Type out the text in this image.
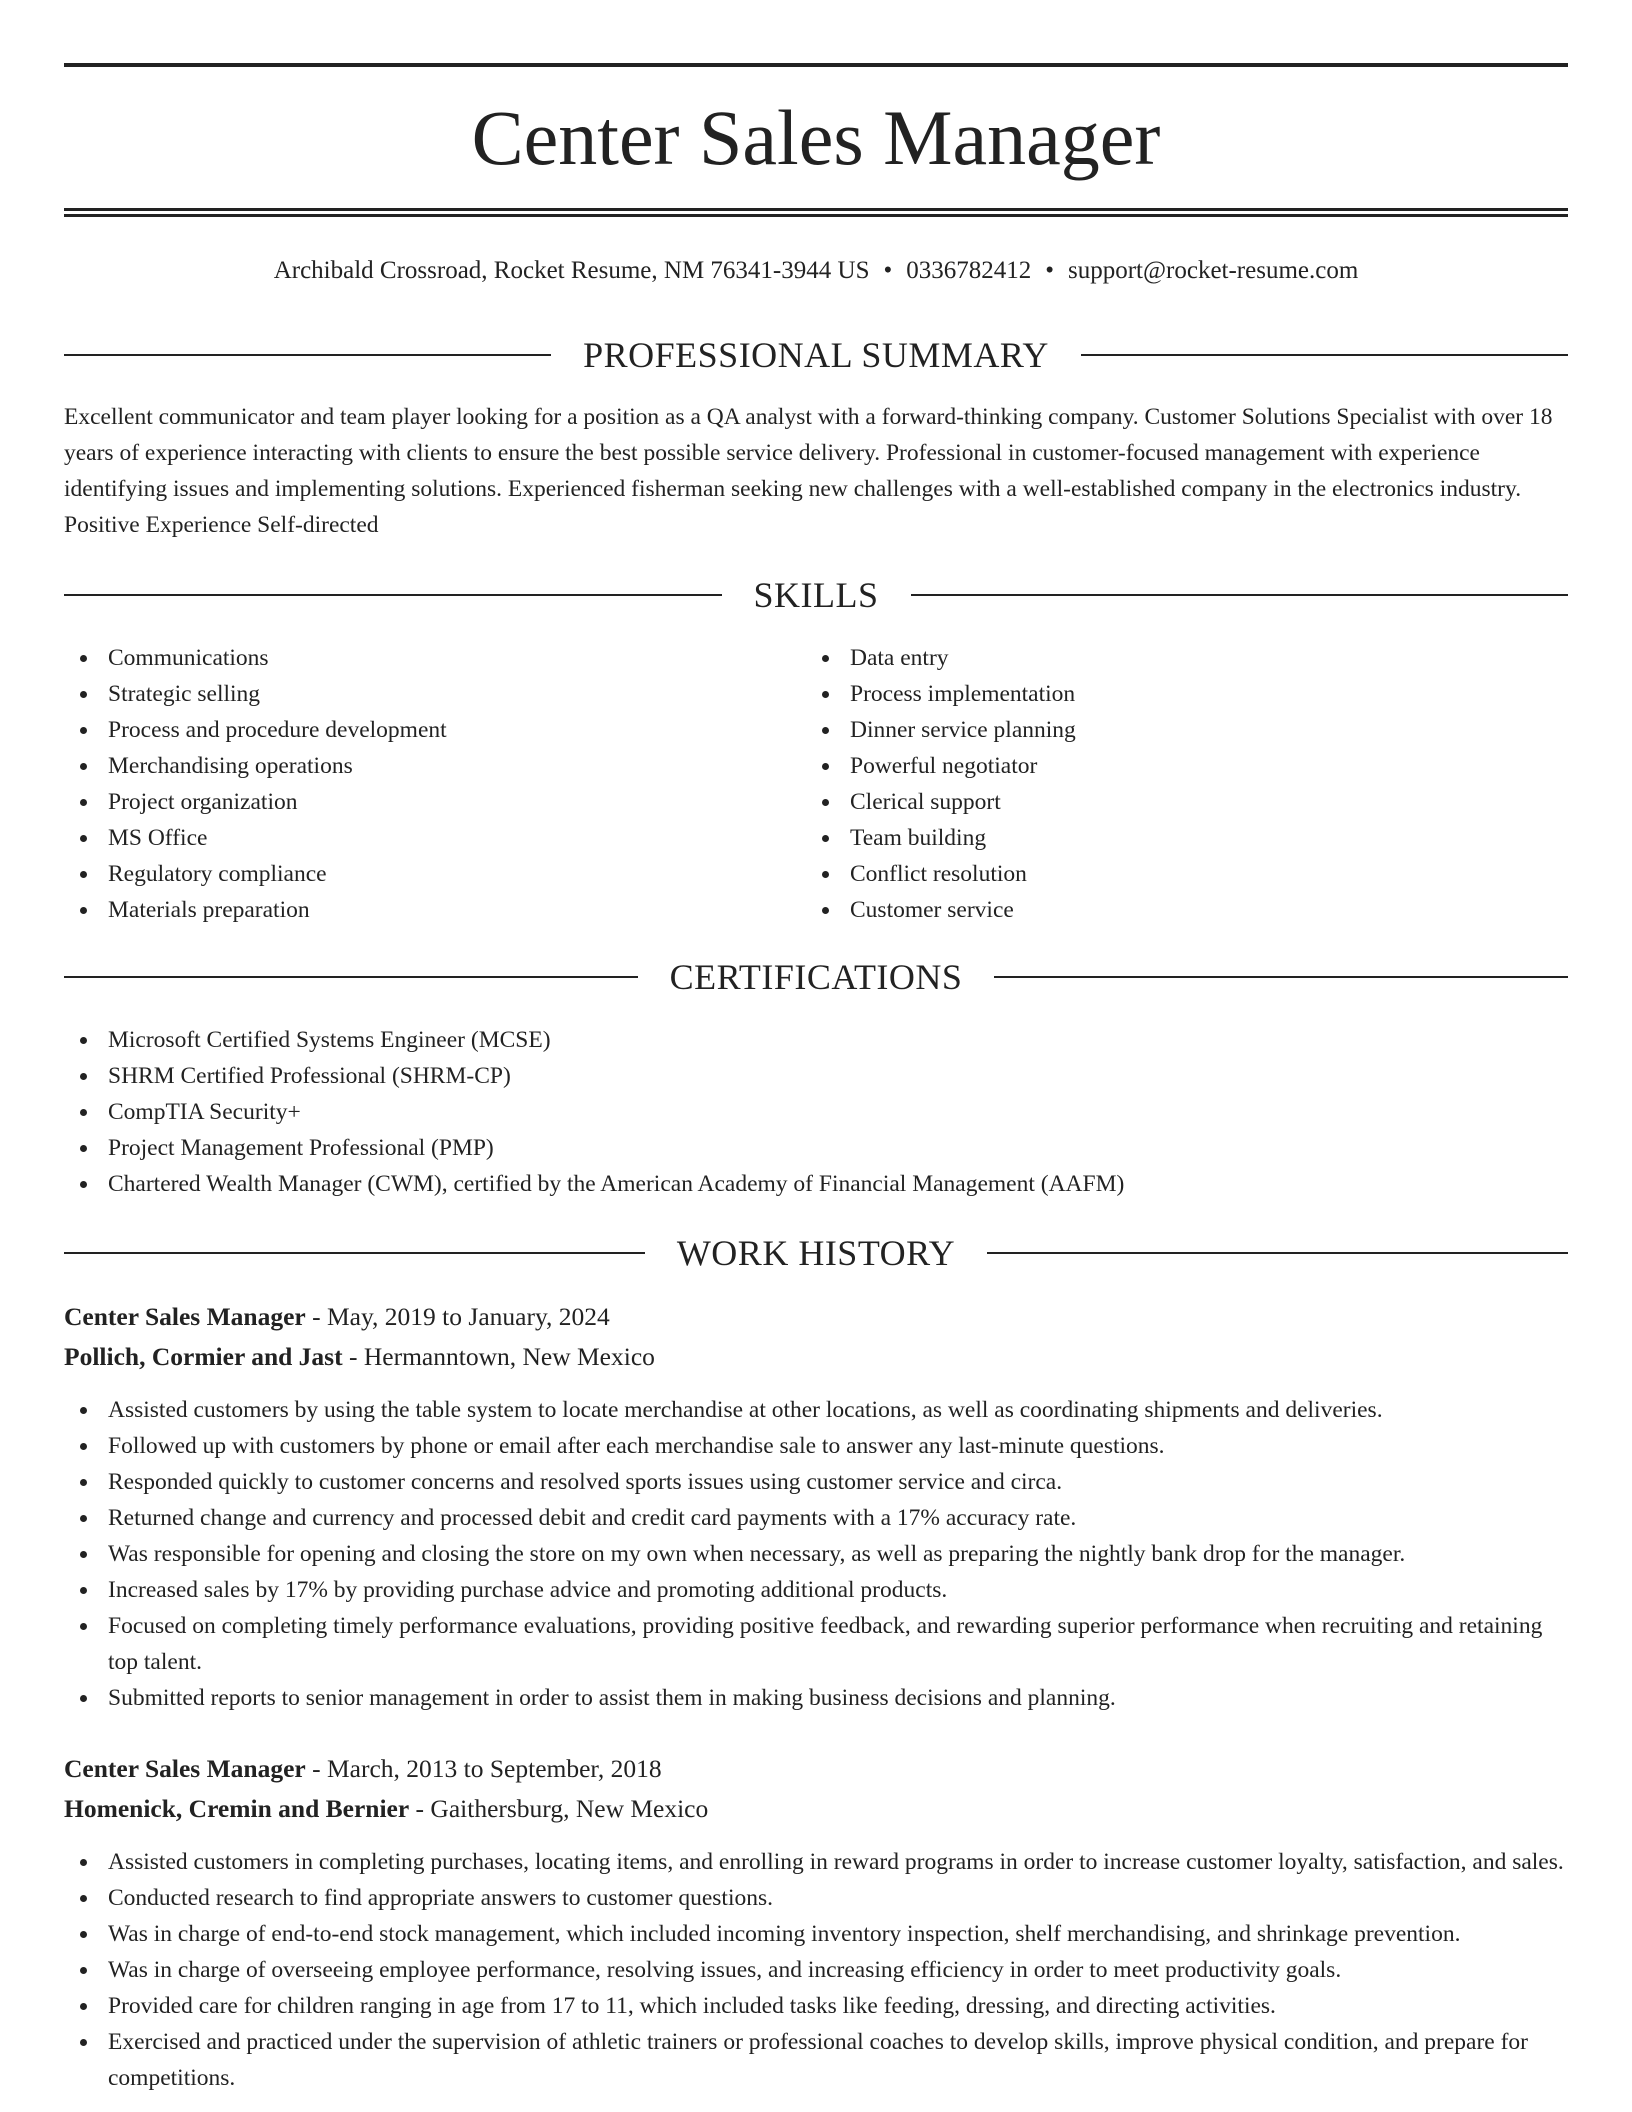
Center Sales Manager
Archibald Crossroad, Rocket Resume, NM 76341-3944 US • 0336782412 • support@rocket-resume.com
PROFESSIONAL SUMMARY

Excellent communicator and team player looking for a position as a QA analyst with a forward-thinking company. Customer Solutions Specialist with over 18 years of experience interacting with clients to ensure the best possible service delivery. Professional in customer-focused management with experience identifying issues and implementing solutions. Experienced fisherman seeking new challenges with a well-established company in the electronics industry. Positive Experience Self-directed

SKILLS
Communications
Strategic selling
Process and procedure development
Merchandising operations
Project organization
MS Office
Regulatory compliance
Materials preparation
Data entry
Process implementation
Dinner service planning
Powerful negotiator
Clerical support
Team building
Conflict resolution
Customer service
CERTIFICATIONS
Microsoft Certified Systems Engineer (MCSE)
SHRM Certified Professional (SHRM-CP)
CompTIA Security+
Project Management Professional (PMP)
Chartered Wealth Manager (CWM), certified by the American Academy of Financial Management (AAFM)
WORK HISTORY

Center Sales Manager - May, 2019 to January, 2024

Pollich, Cormier and Jast - Hermanntown, New Mexico

Assisted customers by using the table system to locate merchandise at other locations, as well as coordinating shipments and deliveries.
Followed up with customers by phone or email after each merchandise sale to answer any last-minute questions.
Responded quickly to customer concerns and resolved sports issues using customer service and circa.
Returned change and currency and processed debit and credit card payments with a 17% accuracy rate.
Was responsible for opening and closing the store on my own when necessary, as well as preparing the nightly bank drop for the manager.
Increased sales by 17% by providing purchase advice and promoting additional products.
Focused on completing timely performance evaluations, providing positive feedback, and rewarding superior performance when recruiting and retaining top talent.
Submitted reports to senior management in order to assist them in making business decisions and planning.

Center Sales Manager - March, 2013 to September, 2018

Homenick, Cremin and Bernier - Gaithersburg, New Mexico

Assisted customers in completing purchases, locating items, and enrolling in reward programs in order to increase customer loyalty, satisfaction, and sales.
Conducted research to find appropriate answers to customer questions.
Was in charge of end-to-end stock management, which included incoming inventory inspection, shelf merchandising, and shrinkage prevention.
Was in charge of overseeing employee performance, resolving issues, and increasing efficiency in order to meet productivity goals.
Provided care for children ranging in age from 17 to 11, which included tasks like feeding, dressing, and directing activities.
Exercised and practiced under the supervision of athletic trainers or professional coaches to develop skills, improve physical condition, and prepare for competitions.
